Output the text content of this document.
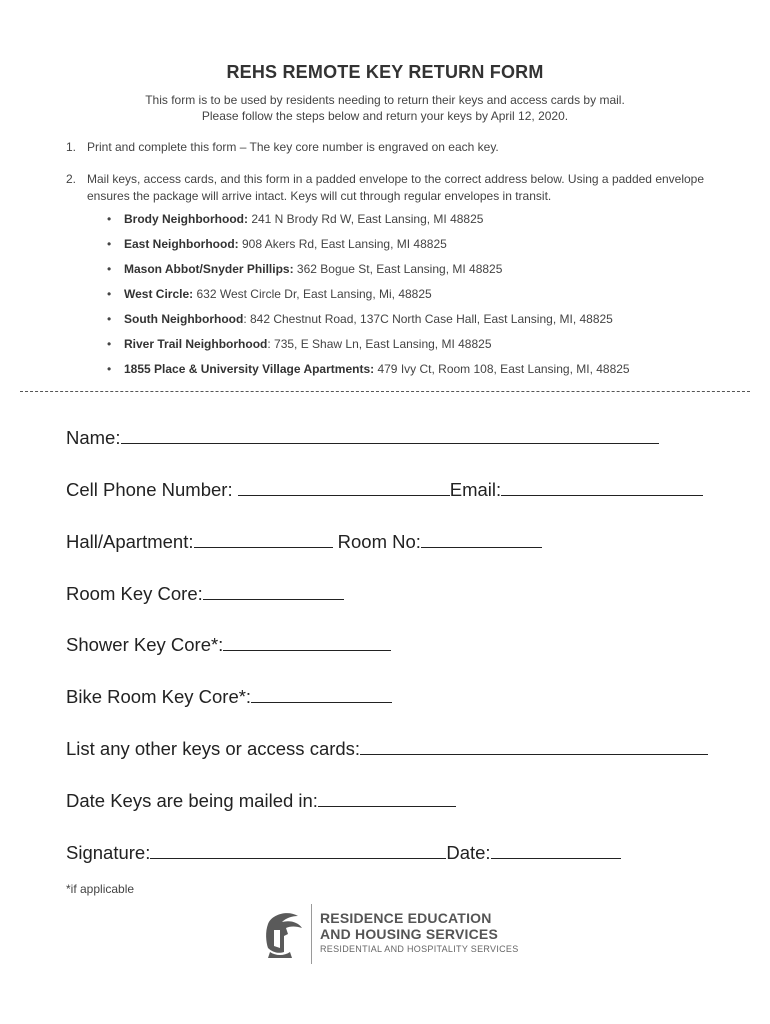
REHS REMOTE KEY RETURN FORM
This form is to be used by residents needing to return their keys and access cards by mail.
Please follow the steps below and return your keys by April 12, 2020.
1. Print and complete this form – The key core number is engraved on each key.
2. Mail keys, access cards, and this form in a padded envelope to the correct address below. Using a padded envelope ensures the package will arrive intact. Keys will cut through regular envelopes in transit.
• Brody Neighborhood: 241 N Brody Rd W, East Lansing, MI 48825
• East Neighborhood: 908 Akers Rd, East Lansing, MI 48825
• Mason Abbot/Snyder Phillips: 362 Bogue St, East Lansing, MI 48825
• West Circle: 632 West Circle Dr, East Lansing, Mi, 48825
• South Neighborhood: 842 Chestnut Road, 137C North Case Hall, East Lansing, MI, 48825
• River Trail Neighborhood: 735, E Shaw Ln, East Lansing, MI 48825
• 1855 Place & University Village Apartments: 479 Ivy Ct, Room 108, East Lansing, MI, 48825
Name:
Cell Phone Number:	Email:
Hall/Apartment:	Room No:
Room Key Core:
Shower Key Core*:
Bike Room Key Core*:
List any other keys or access cards:
Date Keys are being mailed in:
Signature:	Date:
*if applicable
RESIDENCE EDUCATION
AND HOUSING SERVICES
RESIDENTIAL AND HOSPITALITY SERVICES
